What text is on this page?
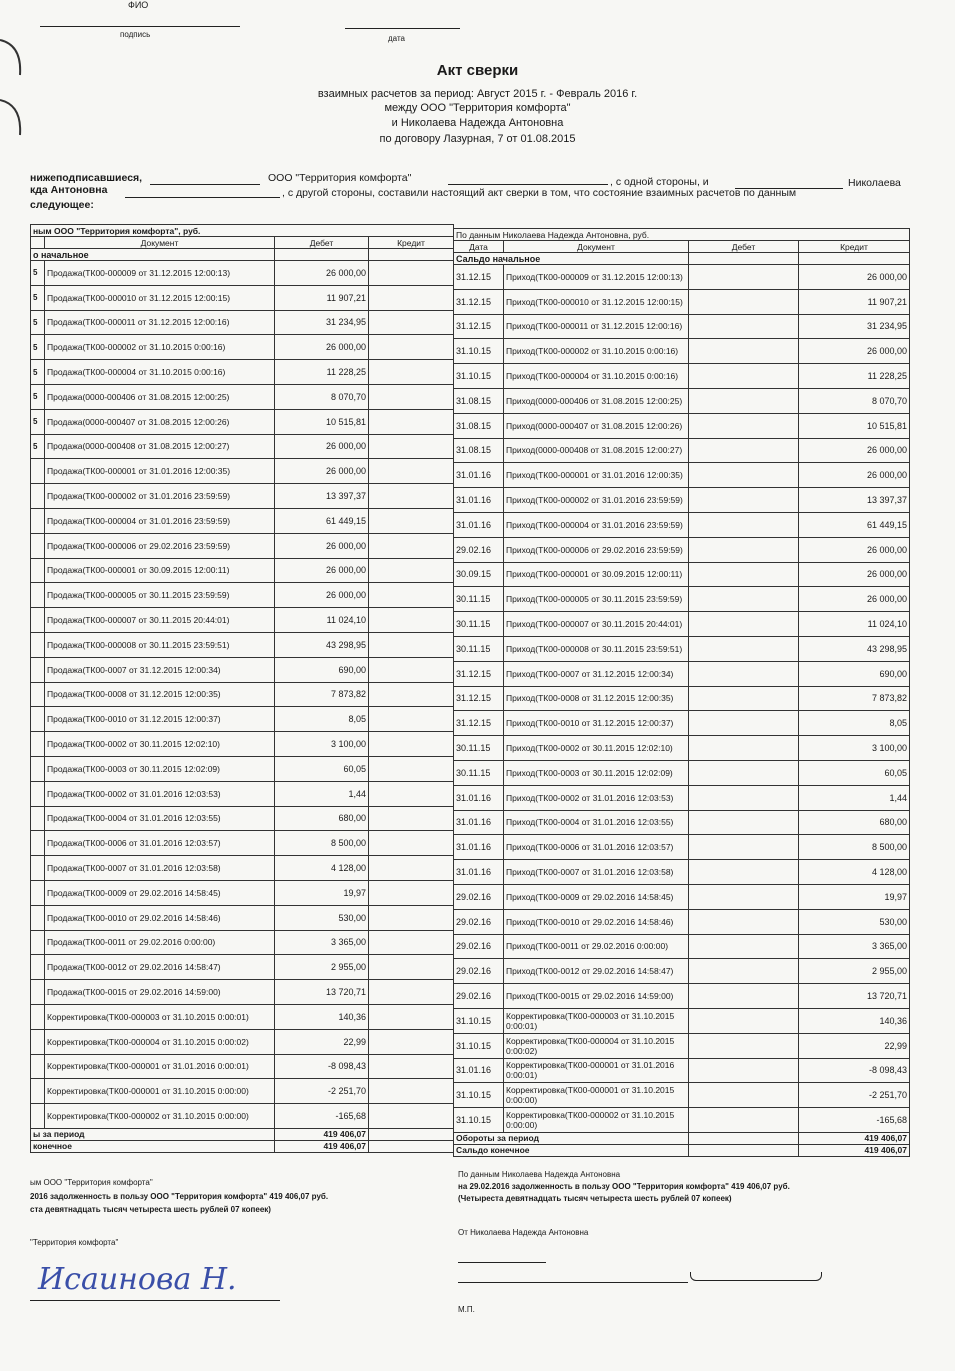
ФИО
подпись	дата
Акт сверки
взаимных расчетов за период: Август 2015 г. - Февраль 2016 г.
между ООО "Территория комфорта"
и Николаева Надежда Антоновна
по договору Лазурная, 7 от 01.08.2015
нижеподписавшиеся,	ООО "Территория комфорта"	, с одной стороны, и	Николаева
кда Антоновна	, с другой стороны, составили настоящий акт сверки в том, что состояние взаимных расчетов по данным
следующее:
ным ООО "Территория комфорта", руб.			
	Документ	Дебет	Кредит
о начальное			
5	Продажа(ТК00-000009 от 31.12.2015 12:00:13)	26 000,00	
5	Продажа(ТК00-000010 от 31.12.2015 12:00:15)	11 907,21	
5	Продажа(ТК00-000011 от 31.12.2015 12:00:16)	31 234,95	
5	Продажа(ТК00-000002 от 31.10.2015 0:00:16)	26 000,00	
5	Продажа(ТК00-000004 от 31.10.2015 0:00:16)	11 228,25	
5	Продажа(0000-000406 от 31.08.2015 12:00:25)	8 070,70	
5	Продажа(0000-000407 от 31.08.2015 12:00:26)	10 515,81	
5	Продажа(0000-000408 от 31.08.2015 12:00:27)	26 000,00	
	Продажа(ТК00-000001 от 31.01.2016 12:00:35)	26 000,00	
	Продажа(ТК00-000002 от 31.01.2016 23:59:59)	13 397,37	
	Продажа(ТК00-000004 от 31.01.2016 23:59:59)	61 449,15	
	Продажа(ТК00-000006 от 29.02.2016 23:59:59)	26 000,00	
	Продажа(ТК00-000001 от 30.09.2015 12:00:11)	26 000,00	
	Продажа(ТК00-000005 от 30.11.2015 23:59:59)	26 000,00	
	Продажа(ТК00-000007 от 30.11.2015 20:44:01)	11 024,10	
	Продажа(ТК00-000008 от 30.11.2015 23:59:51)	43 298,95	
	Продажа(ТК00-0007 от 31.12.2015 12:00:34)	690,00	
	Продажа(ТК00-0008 от 31.12.2015 12:00:35)	7 873,82	
	Продажа(ТК00-0010 от 31.12.2015 12:00:37)	8,05	
	Продажа(ТК00-0002 от 30.11.2015 12:02:10)	3 100,00	
	Продажа(ТК00-0003 от 30.11.2015 12:02:09)	60,05	
	Продажа(ТК00-0002 от 31.01.2016 12:03:53)	1,44	
	Продажа(ТК00-0004 от 31.01.2016 12:03:55)	680,00	
	Продажа(ТК00-0006 от 31.01.2016 12:03:57)	8 500,00	
	Продажа(ТК00-0007 от 31.01.2016 12:03:58)	4 128,00	
	Продажа(ТК00-0009 от 29.02.2016 14:58:45)	19,97	
	Продажа(ТК00-0010 от 29.02.2016 14:58:46)	530,00	
	Продажа(ТК00-0011 от 29.02.2016 0:00:00)	3 365,00	
	Продажа(ТК00-0012 от 29.02.2016 14:58:47)	2 955,00	
	Продажа(ТК00-0015 от 29.02.2016 14:59:00)	13 720,71	
	Корректировка(ТК00-000003 от 31.10.2015 0:00:01)	140,36	
	Корректировка(ТК00-000004 от 31.10.2015 0:00:02)	22,99	
	Корректировка(ТК00-000001 от 31.01.2016 0:00:01)	-8 098,43	
	Корректировка(ТК00-000001 от 31.10.2015 0:00:00)	-2 251,70	
	Корректировка(ТК00-000002 от 31.10.2015 0:00:00)	-165,68	
ы за период		419 406,07	
конечное		419 406,07	
По данным Николаева Надежда Антоновна, руб.			
Дата	Документ	Дебет	Кредит
Сальдо начальное			
31.12.15	Приход(ТК00-000009 от 31.12.2015 12:00:13)		26 000,00
31.12.15	Приход(ТК00-000010 от 31.12.2015 12:00:15)		11 907,21
31.12.15	Приход(ТК00-000011 от 31.12.2015 12:00:16)		31 234,95
31.10.15	Приход(ТК00-000002 от 31.10.2015 0:00:16)		26 000,00
31.10.15	Приход(ТК00-000004 от 31.10.2015 0:00:16)		11 228,25
31.08.15	Приход(0000-000406 от 31.08.2015 12:00:25)		8 070,70
31.08.15	Приход(0000-000407 от 31.08.2015 12:00:26)		10 515,81
31.08.15	Приход(0000-000408 от 31.08.2015 12:00:27)		26 000,00
31.01.16	Приход(ТК00-000001 от 31.01.2016 12:00:35)		26 000,00
31.01.16	Приход(ТК00-000002 от 31.01.2016 23:59:59)		13 397,37
31.01.16	Приход(ТК00-000004 от 31.01.2016 23:59:59)		61 449,15
29.02.16	Приход(ТК00-000006 от 29.02.2016 23:59:59)		26 000,00
30.09.15	Приход(ТК00-000001 от 30.09.2015 12:00:11)		26 000,00
30.11.15	Приход(ТК00-000005 от 30.11.2015 23:59:59)		26 000,00
30.11.15	Приход(ТК00-000007 от 30.11.2015 20:44:01)		11 024,10
30.11.15	Приход(ТК00-000008 от 30.11.2015 23:59:51)		43 298,95
31.12.15	Приход(ТК00-0007 от 31.12.2015 12:00:34)		690,00
31.12.15	Приход(ТК00-0008 от 31.12.2015 12:00:35)		7 873,82
31.12.15	Приход(ТК00-0010 от 31.12.2015 12:00:37)		8,05
30.11.15	Приход(ТК00-0002 от 30.11.2015 12:02:10)		3 100,00
30.11.15	Приход(ТК00-0003 от 30.11.2015 12:02:09)		60,05
31.01.16	Приход(ТК00-0002 от 31.01.2016 12:03:53)		1,44
31.01.16	Приход(ТК00-0004 от 31.01.2016 12:03:55)		680,00
31.01.16	Приход(ТК00-0006 от 31.01.2016 12:03:57)		8 500,00
31.01.16	Приход(ТК00-0007 от 31.01.2016 12:03:58)		4 128,00
29.02.16	Приход(ТК00-0009 от 29.02.2016 14:58:45)		19,97
29.02.16	Приход(ТК00-0010 от 29.02.2016 14:58:46)		530,00
29.02.16	Приход(ТК00-0011 от 29.02.2016 0:00:00)		3 365,00
29.02.16	Приход(ТК00-0012 от 29.02.2016 14:58:47)		2 955,00
29.02.16	Приход(ТК00-0015 от 29.02.2016 14:59:00)		13 720,71
31.10.15	Корректировка(ТК00-000003 от 31.10.2015 0:00:01)		140,36
31.10.15	Корректировка(ТК00-000004 от 31.10.2015 0:00:02)		22,99
31.01.16	Корректировка(ТК00-000001 от 31.01.2016 0:00:01)		-8 098,43
31.10.15	Корректировка(ТК00-000001 от 31.10.2015 0:00:00)		-2 251,70
31.10.15	Корректировка(ТК00-000002 от 31.10.2015 0:00:00)		-165,68
Обороты за период			419 406,07
Сальдо конечное			419 406,07
ым ООО "Территория комфорта"
2016 задолженность в пользу ООО "Территория комфорта" 419 406,07 руб.
ста девятнадцать тысяч четыреста шесть рублей 07 копеек)
"Территория комфорта"
Исаинова Н.
По данным Николаева Надежда Антоновна
на 29.02.2016 задолженность в пользу ООО "Территория комфорта" 419 406,07 руб.
(Четыреста девятнадцать тысяч четыреста шесть рублей 07 копеек)
От Николаева Надежда Антоновна
М.П.
